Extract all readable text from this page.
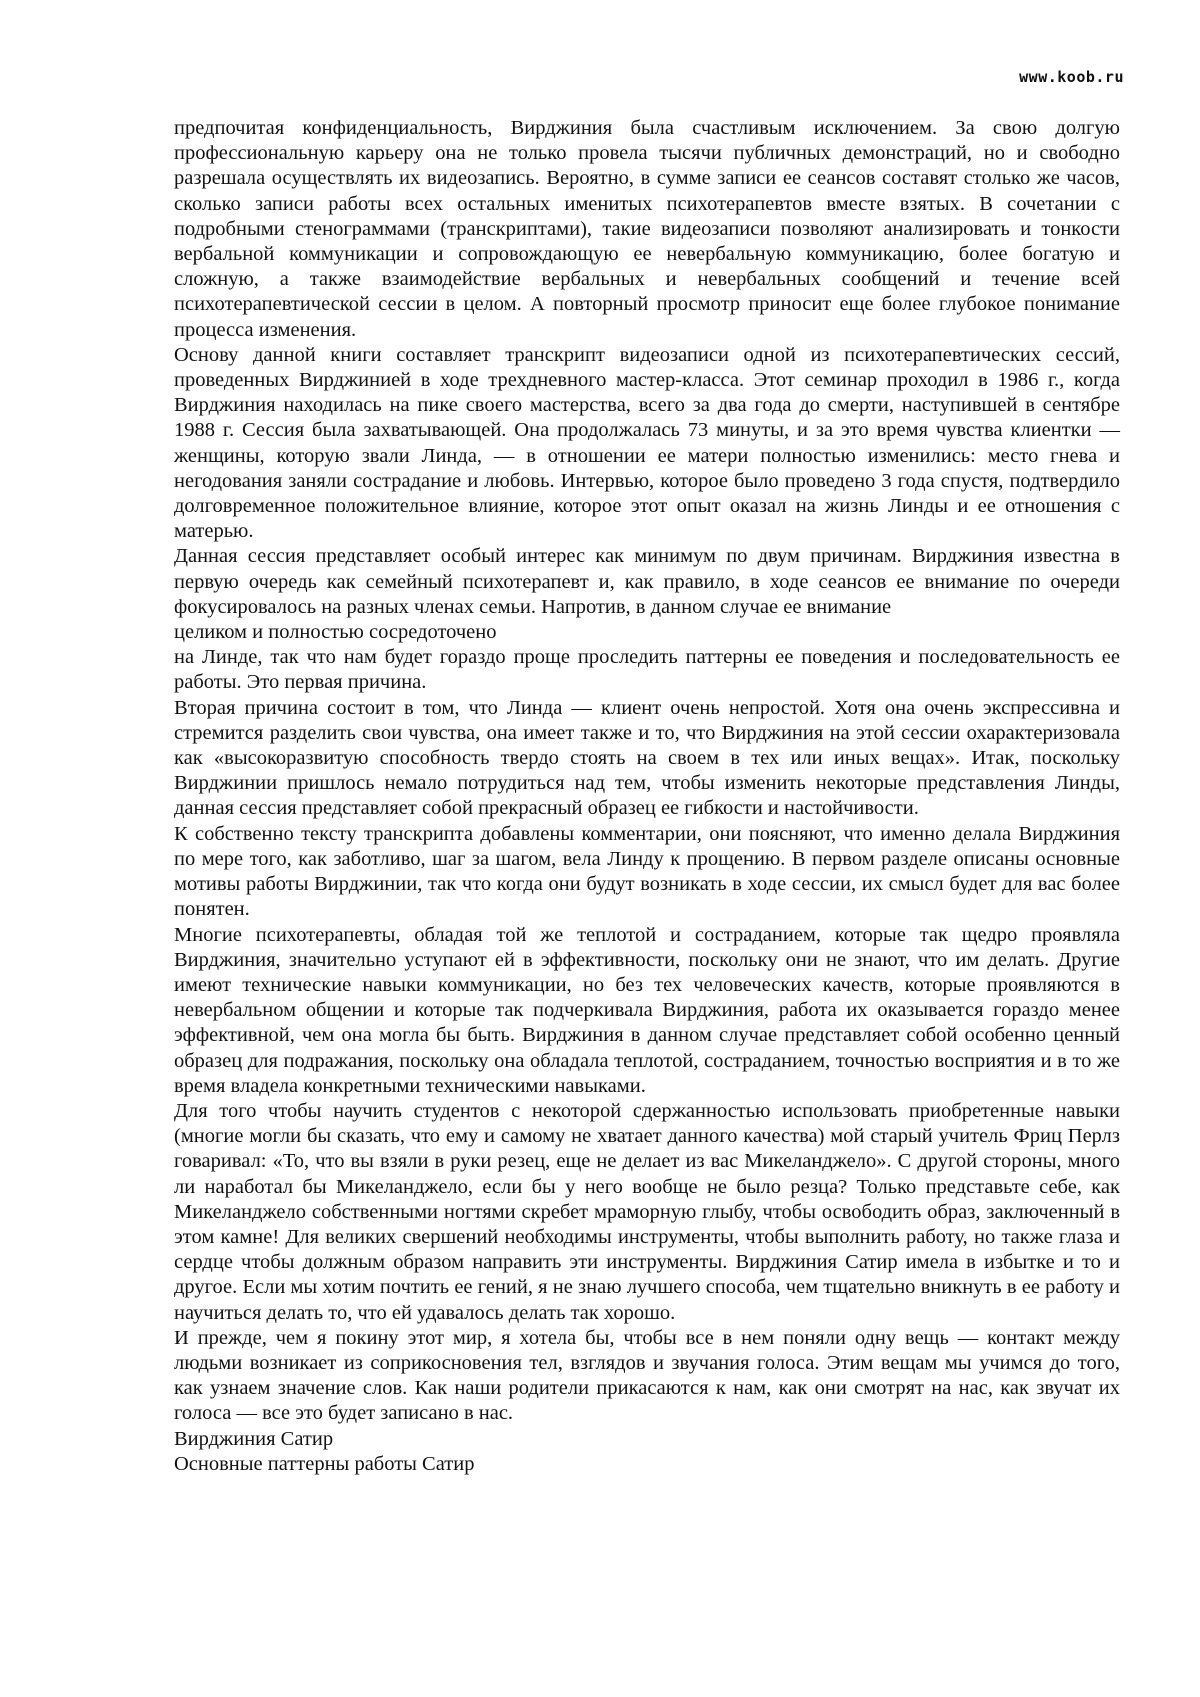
www.koob.ru

предпочитая конфиденциальность, Вирджиния была счастливым исключением. За свою долгую профессиональную карьеру она не только провела тысячи публичных демонстраций, но и свободно разрешала осуществлять их видеозапись. Вероятно, в сумме записи ее сеансов составят столько же часов, сколько записи работы всех остальных именитых психотерапевтов вместе взятых. В сочетании с подробными стенограммами (транскриптами), такие видеозаписи позволяют анализировать и тонкости вербальной коммуникации и сопровождающую ее невербальную коммуникацию, более богатую и сложную, а также взаимодействие вербальных и невербальных сообщений и течение всей психотерапевтической сессии в целом. А повторный просмотр приносит еще более глубокое понимание процесса изменения.

Основу данной книги составляет транскрипт видеозаписи одной из психотерапевтических сессий, проведенных Вирджинией в ходе трехдневного мастер-класса. Этот семинар проходил в 1986 г., когда Вирджиния находилась на пике своего мастерства, всего за два года до смерти, наступившей в сентябре 1988 г. Сессия была захватывающей. Она продолжалась 73 минуты, и за это время чувства клиентки — женщины, которую звали Линда, — в отношении ее матери полностью изменились: место гнева и негодования заняли сострадание и любовь. Интервью, которое было проведено 3 года спустя, подтвердило долговременное положительное влияние, которое этот опыт оказал на жизнь Линды и ее отношения с матерью.

Данная сессия представляет особый интерес как минимум по двум причинам. Вирджиния известна в первую очередь как семейный психотерапевт и, как правило, в ходе сеансов ее внимание по очереди фокусировалось на разных членах семьи. Напротив, в данном случае ее внимание

целиком и полностью сосредоточено

на Линде, так что нам будет гораздо проще проследить паттерны ее поведения и последовательность ее работы. Это первая причина.

Вторая причина состоит в том, что Линда — клиент очень непростой. Хотя она очень экспрессивна и стремится разделить свои чувства, она имеет также и то, что Вирджиния на этой сессии охарактеризовала как «высокоразвитую способность твердо стоять на своем в тех или иных вещах». Итак, поскольку Вирджинии пришлось немало потрудиться над тем, чтобы изменить некоторые представления Линды, данная сессия представляет собой прекрасный образец ее гибкости и настойчивости.

К собственно тексту транскрипта добавлены комментарии, они поясняют, что именно делала Вирджиния по мере того, как заботливо, шаг за шагом, вела Линду к прощению. В первом разделе описаны основные мотивы работы Вирджинии, так что когда они будут возникать в ходе сессии, их смысл будет для вас более понятен.

Многие психотерапевты, обладая той же теплотой и состраданием, которые так щедро проявляла Вирджиния, значительно уступают ей в эффективности, поскольку они не знают, что им делать. Другие имеют технические навыки коммуникации, но без тех человеческих качеств, которые проявляются в невербальном общении и которые так подчеркивала Вирджиния, работа их оказывается гораздо менее эффективной, чем она могла бы быть. Вирджиния в данном случае представляет собой особенно ценный образец для подражания, поскольку она обладала теплотой, состраданием, точностью восприятия и в то же время владела конкретными техническими навыками.

Для того чтобы научить студентов с некоторой сдержанностью использовать приобретенные навыки (многие могли бы сказать, что ему и самому не хватает данного качества) мой старый учитель Фриц Перлз говаривал: «То, что вы взяли в руки резец, еще не делает из вас Микеланджело». С другой стороны, много ли наработал бы Микеланджело, если бы у него вообще не было резца? Только представьте себе, как Микеланджело собственными ногтями скребет мраморную глыбу, чтобы освободить образ, заключенный в этом камне! Для великих свершений необходимы инструменты, чтобы выполнить работу, но также глаза и сердце чтобы должным образом направить эти инструменты. Вирджиния Сатир имела в избытке и то и другое. Если мы хотим почтить ее гений, я не знаю лучшего способа, чем тщательно вникнуть в ее работу и научиться делать то, что ей удавалось делать так хорошо.

И прежде, чем я покину этот мир, я хотела бы, чтобы все в нем поняли одну вещь — контакт между людьми возникает из соприкосновения тел, взглядов и звучания голоса. Этим вещам мы учимся до того, как узнаем значение слов. Как наши родители прикасаются к нам, как они смотрят на нас, как звучат их голоса — все это будет записано в нас.

Вирджиния Сатир
Основные паттерны работы Сатир
